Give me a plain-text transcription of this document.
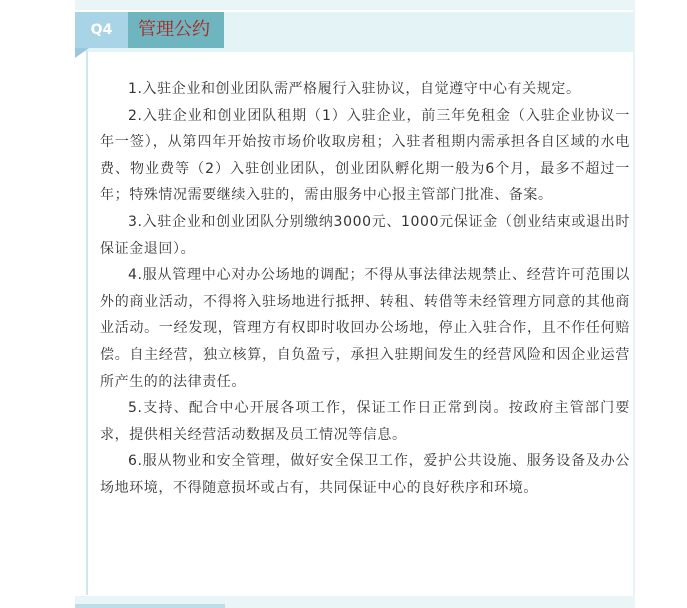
Q4	管理公约

1.入驻企业和创业团队需严格履行入驻协议，自觉遵守中心有关规定。

2.入驻企业和创业团队租期（1）入驻企业，前三年免租金（入驻企业协议一年一签），从第四年开始按市场价收取房租；入驻者租期内需承担各自区域的水电费、物业费等（2）入驻创业团队，创业团队孵化期一般为6个月，最多不超过一年；特殊情况需要继续入驻的，需由服务中心报主管部门批准、备案。

3.入驻企业和创业团队分别缴纳3000元、1000元保证金（创业结束或退出时保证金退回）。

4.服从管理中心对办公场地的调配；不得从事法律法规禁止、经营许可范围以外的商业活动，不得将入驻场地进行抵押、转租、转借等未经管理方同意的其他商业活动。一经发现，管理方有权即时收回办公场地，停止入驻合作，且不作任何赔偿。自主经营，独立核算，自负盈亏，承担入驻期间发生的经营风险和因企业运营所产生的的法律责任。

5.支持、配合中心开展各项工作，保证工作日正常到岗。按政府主管部门要求，提供相关经营活动数据及员工情况等信息。

6.服从物业和安全管理，做好安全保卫工作，爱护公共设施、服务设备及办公场地环境，不得随意损坏或占有，共同保证中心的良好秩序和环境。
